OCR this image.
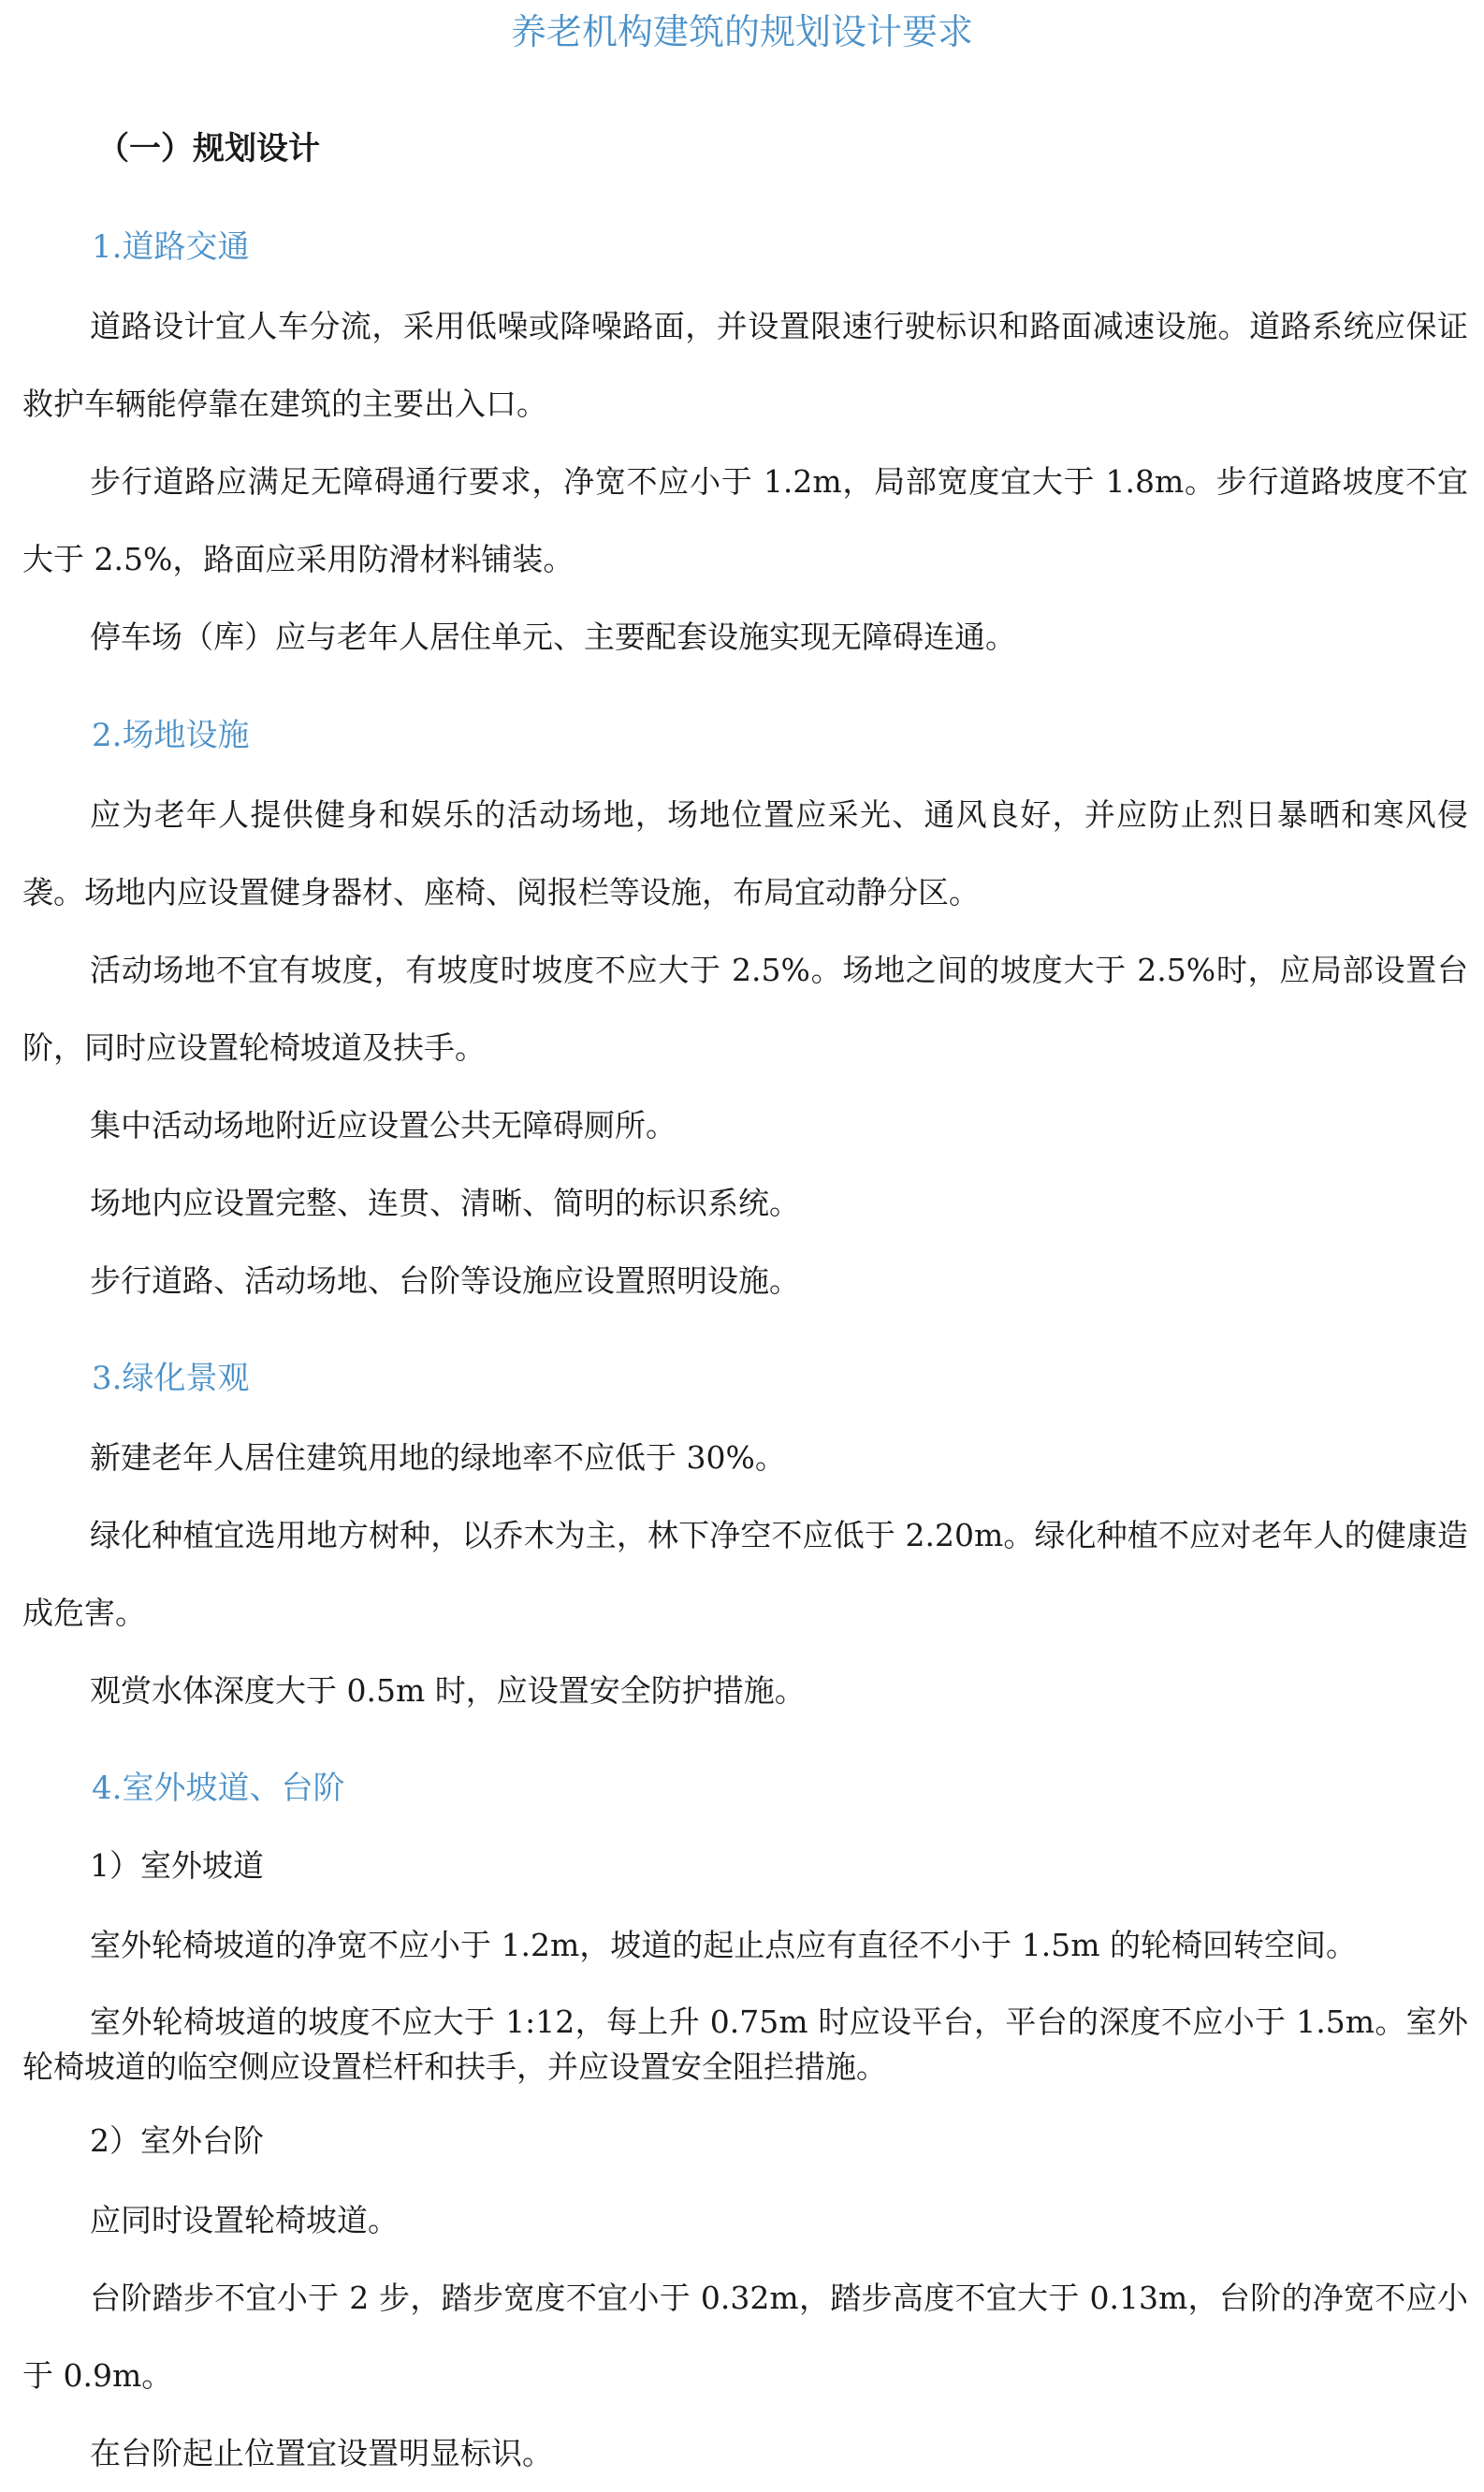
养老机构建筑的规划设计要求
（一）规划设计
1.道路交通

道路设计宜人车分流，采用低噪或降噪路面，并设置限速行驶标识和路面减速设施。道路系统应保证救护车辆能停靠在建筑的主要出入口。

步行道路应满足无障碍通行要求，净宽不应小于 1.2m，局部宽度宜大于 1.8m。步行道路坡度不宜大于 2.5%，路面应采用防滑材料铺装。

停车场（库）应与老年人居住单元、主要配套设施实现无障碍连通。

2.场地设施

应为老年人提供健身和娱乐的活动场地，场地位置应采光、通风良好，并应防止烈日暴晒和寒风侵袭。场地内应设置健身器材、座椅、阅报栏等设施，布局宜动静分区。

活动场地不宜有坡度，有坡度时坡度不应大于 2.5%。场地之间的坡度大于 2.5%时，应局部设置台阶，同时应设置轮椅坡道及扶手。

集中活动场地附近应设置公共无障碍厕所。

场地内应设置完整、连贯、清晰、简明的标识系统。

步行道路、活动场地、台阶等设施应设置照明设施。

3.绿化景观

新建老年人居住建筑用地的绿地率不应低于 30%。

绿化种植宜选用地方树种，以乔木为主，林下净空不应低于 2.20m。绿化种植不应对老年人的健康造成危害。

观赏水体深度大于 0.5m 时，应设置安全防护措施。

4.室外坡道、台阶
1）室外坡道

室外轮椅坡道的净宽不应小于 1.2m，坡道的起止点应有直径不小于 1.5m 的轮椅回转空间。

室外轮椅坡道的坡度不应大于 1:12，每上升 0.75m 时应设平台，平台的深度不应小于 1.5m。室外轮椅坡道的临空侧应设置栏杆和扶手，并应设置安全阻拦措施。

2）室外台阶

应同时设置轮椅坡道。

台阶踏步不宜小于 2 步，踏步宽度不宜小于 0.32m，踏步高度不宜大于 0.13m，台阶的净宽不应小于 0.9m。

在台阶起止位置宜设置明显标识。
